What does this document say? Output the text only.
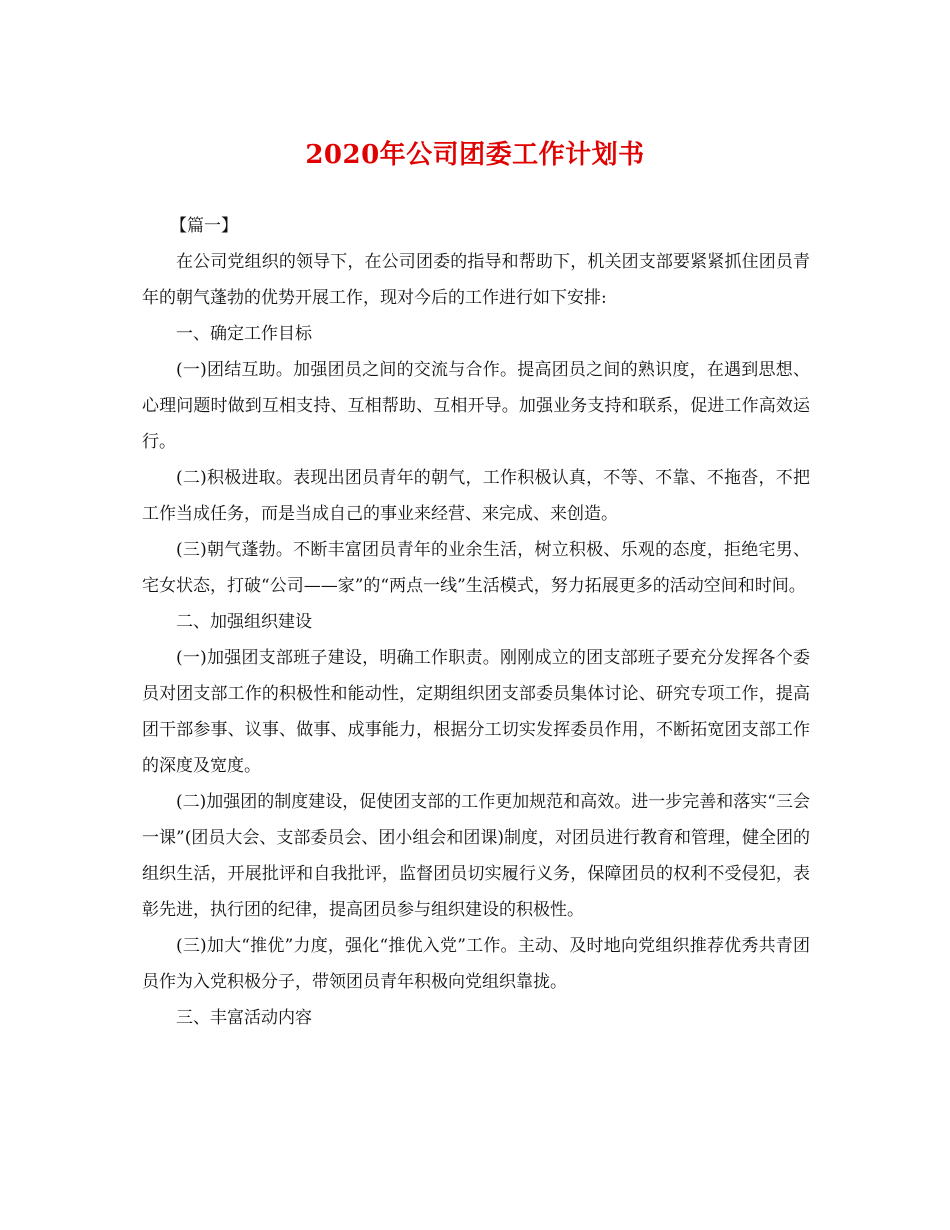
2020年公司团委工作计划书

【篇一】

在公司党组织的领导下，在公司团委的指导和帮助下，机关团支部要紧紧抓住团员青年的朝气蓬勃的优势开展工作，现对今后的工作进行如下安排:

一、确定工作目标

(一)团结互助。加强团员之间的交流与合作。提高团员之间的熟识度，在遇到思想、心理问题时做到互相支持、互相帮助、互相开导。加强业务支持和联系，促进工作高效运行。

(二)积极进取。表现出团员青年的朝气，工作积极认真，不等、不靠、不拖沓，不把工作当成任务，而是当成自己的事业来经营、来完成、来创造。

(三)朝气蓬勃。不断丰富团员青年的业余生活，树立积极、乐观的态度，拒绝宅男、宅女状态，打破“公司——家”的“两点一线”生活模式，努力拓展更多的活动空间和时间。

二、加强组织建设

(一)加强团支部班子建设，明确工作职责。刚刚成立的团支部班子要充分发挥各个委员对团支部工作的积极性和能动性，定期组织团支部委员集体讨论、研究专项工作，提高团干部参事、议事、做事、成事能力，根据分工切实发挥委员作用，不断拓宽团支部工作的深度及宽度。

(二)加强团的制度建设，促使团支部的工作更加规范和高效。进一步完善和落实“三会一课”(团员大会、支部委员会、团小组会和团课)制度，对团员进行教育和管理，健全团的组织生活，开展批评和自我批评，监督团员切实履行义务，保障团员的权利不受侵犯，表彰先进，执行团的纪律，提高团员参与组织建设的积极性。

(三)加大“推优”力度，强化“推优入党”工作。主动、及时地向党组织推荐优秀共青团员作为入党积极分子，带领团员青年积极向党组织靠拢。

三、丰富活动内容
